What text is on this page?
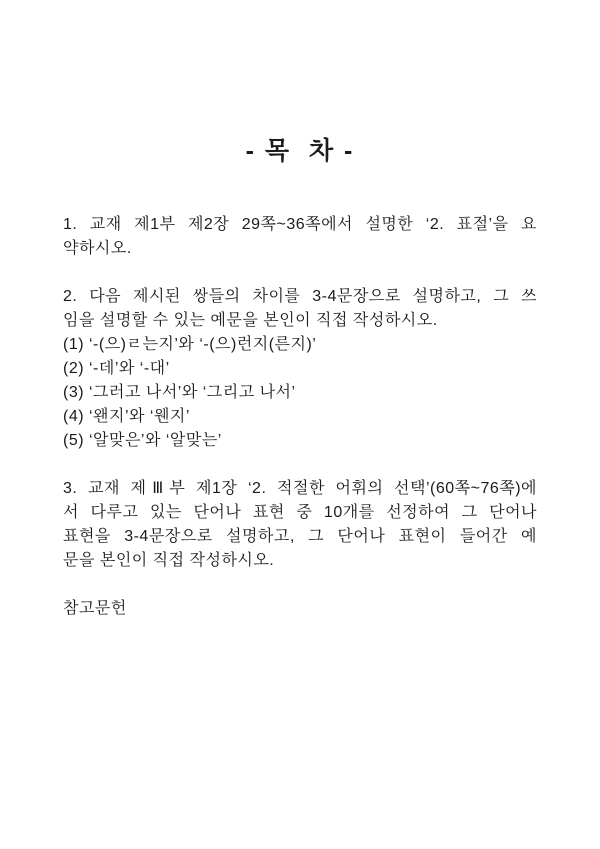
- 목  차 -
1. 교재 제1부 제2장 29쪽~36쪽에서 설명한 ‘2. 표절’을 요
약하시오.
2. 다음 제시된 쌍들의 차이를 3-4문장으로 설명하고, 그 쓰
임을 설명할 수 있는 예문을 본인이 직접 작성하시오.
(1) ‘-(으)ㄹ는지’와 ‘-(으)런지(른지)’
(2) ‘-데’와 ‘-대’
(3) ‘그러고 나서’와 ‘그리고 나서’
(4) ‘왠지’와 ‘웬지’
(5) ‘알맞은’와 ‘알맞는’
3. 교재 제Ⅲ부 제1장 ‘2. 적절한 어휘의 선택’(60쪽~76쪽)에
서 다루고 있는 단어나 표현 중 10개를 선정하여 그 단어나
표현을 3-4문장으로 설명하고, 그 단어나 표현이 들어간 예
문을 본인이 직접 작성하시오.
참고문헌
